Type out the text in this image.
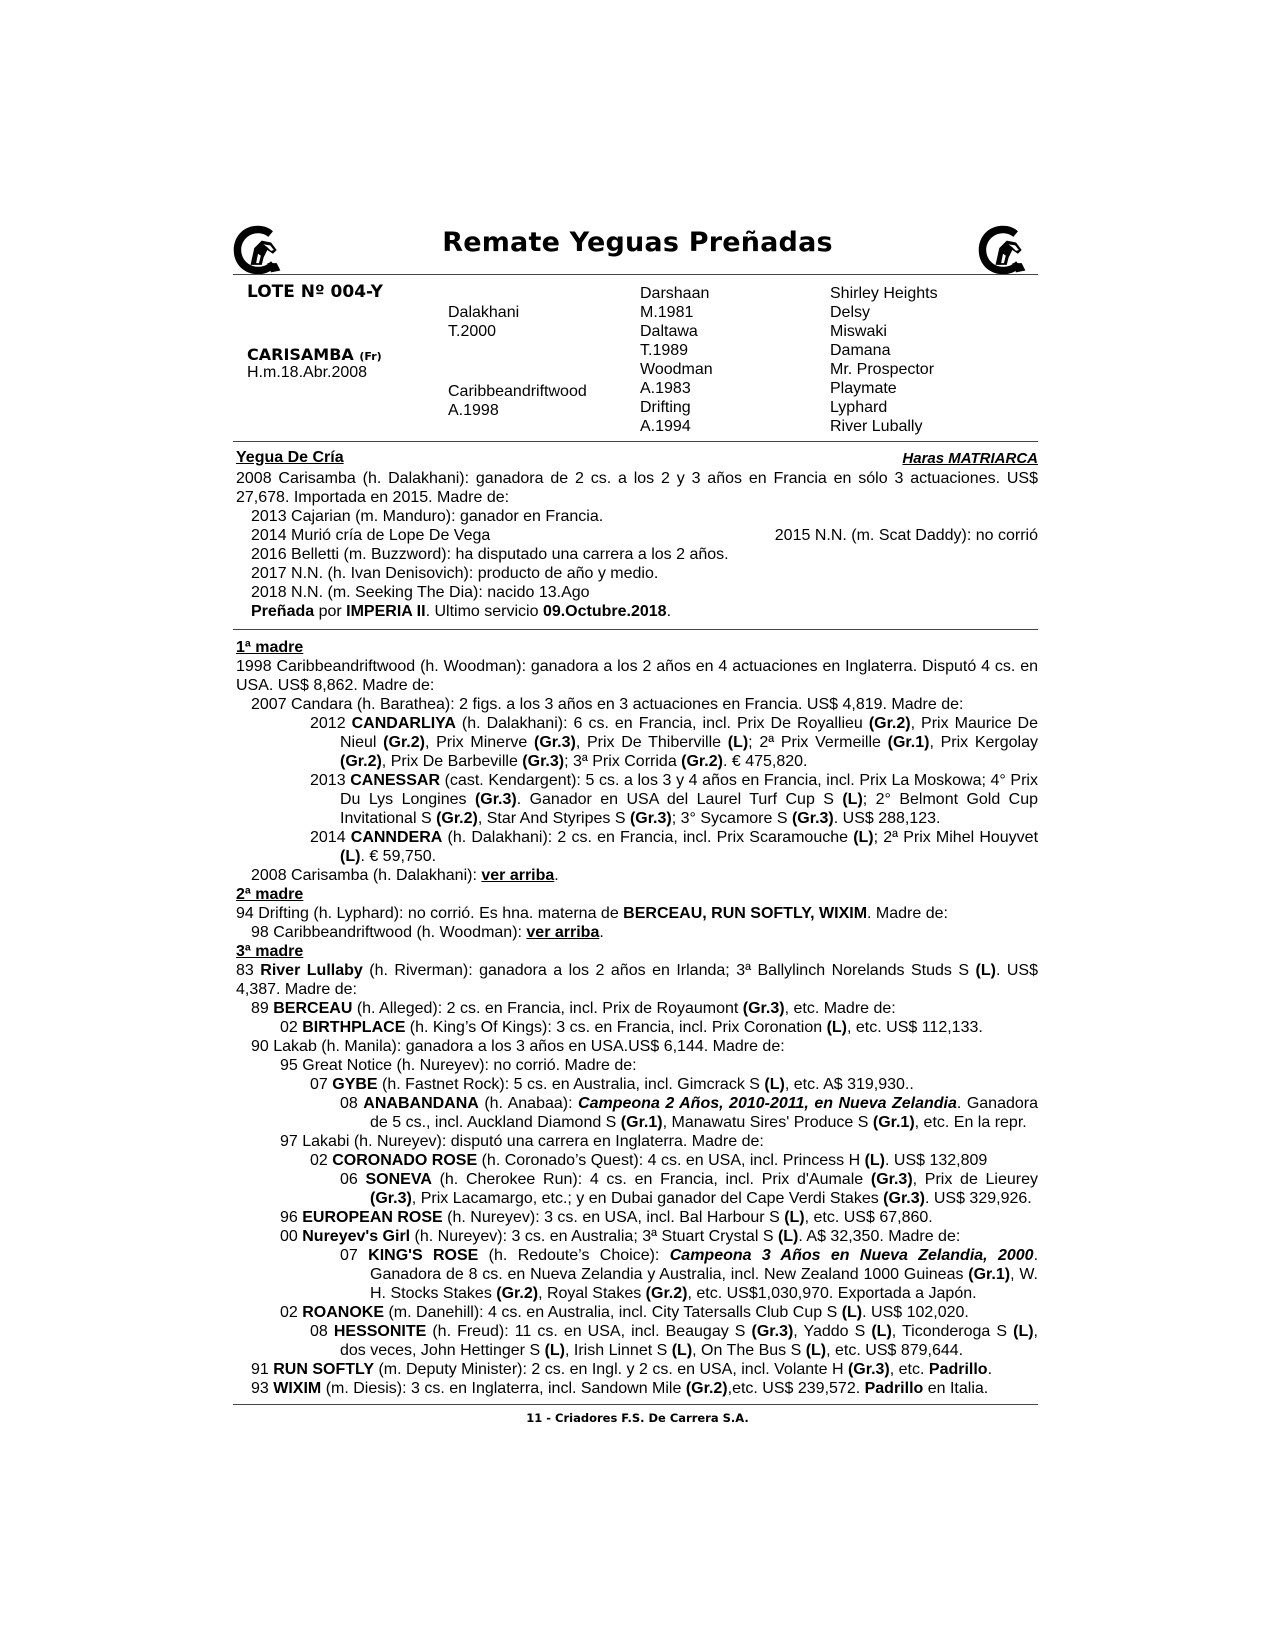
Remate Yeguas Preñadas
LOTE Nº 004-Y
CARISAMBA (Fr)
H.m.18.Abr.2008
Dalakhani
T.2000
Caribbeandriftwood
A.1998
Darshaan
M.1981
Daltawa
T.1989
Woodman
A.1983
Drifting
A.1994
Shirley Heights
Delsy
Miswaki
Damana
Mr. Prospector
Playmate
Lyphard
River Lubally
Yegua De Cría	Haras MATRIARCA

2008 Carisamba (h. Dalakhani): ganadora de 2 cs. a los 2 y 3 años en Francia en sólo 3 actuaciones. US$ 27,678. Importada en 2015. Madre de:

2013 Cajarian (m. Manduro): ganador en Francia.

2014 Murió cría de Lope De Vega	2015 N.N. (m. Scat Daddy): no corrió

2016 Belletti (m. Buzzword): ha disputado una carrera a los 2 años.

2017 N.N. (h. Ivan Denisovich): producto de año y medio.

2018 N.N. (m. Seeking The Dia): nacido 13.Ago

Preñada por IMPERIA II. Ultimo servicio 09.Octubre.2018.

1ª madre

1998 Caribbeandriftwood (h. Woodman): ganadora a los 2 años en 4 actuaciones en Inglaterra. Disputó 4 cs. en USA. US$ 8,862. Madre de:

2007 Candara (h. Barathea): 2 figs. a los 3 años en 3 actuaciones en Francia. US$ 4,819. Madre de:

2012 CANDARLIYA (h. Dalakhani): 6 cs. en Francia, incl. Prix De Royallieu (Gr.2), Prix Maurice De Nieul (Gr.2), Prix Minerve (Gr.3), Prix De Thiberville (L); 2ª Prix Vermeille (Gr.1), Prix Kergolay (Gr.2), Prix De Barbeville (Gr.3); 3ª Prix Corrida (Gr.2). € 475,820.

2013 CANESSAR (cast. Kendargent): 5 cs. a los 3 y 4 años en Francia, incl. Prix La Moskowa; 4° Prix Du Lys Longines (Gr.3). Ganador en USA del Laurel Turf Cup S (L); 2° Belmont Gold Cup Invitational S (Gr.2), Star And Styripes S (Gr.3); 3° Sycamore S (Gr.3). US$ 288,123.

2014 CANNDERA (h. Dalakhani): 2 cs. en Francia, incl. Prix Scaramouche (L); 2ª Prix Mihel Houyvet (L). € 59,750.

2008 Carisamba (h. Dalakhani): ver arriba.

2ª madre

94 Drifting (h. Lyphard): no corrió. Es hna. materna de BERCEAU, RUN SOFTLY, WIXIM. Madre de:

98 Caribbeandriftwood (h. Woodman): ver arriba.

3ª madre

83 River Lullaby (h. Riverman): ganadora a los 2 años en Irlanda; 3ª Ballylinch Norelands Studs S (L). US$ 4,387. Madre de:

89 BERCEAU (h. Alleged): 2 cs. en Francia, incl. Prix de Royaumont (Gr.3), etc. Madre de:

02 BIRTHPLACE (h. King’s Of Kings): 3 cs. en Francia, incl. Prix Coronation (L), etc. US$ 112,133.

90 Lakab (h. Manila): ganadora a los 3 años en USA.US$ 6,144. Madre de:

95 Great Notice (h. Nureyev): no corrió. Madre de:

07 GYBE (h. Fastnet Rock): 5 cs. en Australia, incl. Gimcrack S (L), etc. A$ 319,930..

08 ANABANDANA (h. Anabaa): Campeona 2 Años, 2010-2011, en Nueva Zelandia. Ganadora de 5 cs., incl. Auckland Diamond S (Gr.1), Manawatu Sires' Produce S (Gr.1), etc. En la repr.

97 Lakabi (h. Nureyev): disputó una carrera en Inglaterra. Madre de:

02 CORONADO ROSE (h. Coronado’s Quest): 4 cs. en USA, incl. Princess H (L). US$ 132,809

06 SONEVA (h. Cherokee Run): 4 cs. en Francia, incl. Prix d'Aumale (Gr.3), Prix de Lieurey (Gr.3), Prix Lacamargo, etc.; y en Dubai ganador del Cape Verdi Stakes (Gr.3). US$ 329,926.

96 EUROPEAN ROSE (h. Nureyev): 3 cs. en USA, incl. Bal Harbour S (L), etc. US$ 67,860.

00 Nureyev's Girl (h. Nureyev): 3 cs. en Australia; 3ª Stuart Crystal S (L). A$ 32,350. Madre de:

07 KING'S ROSE (h. Redoute’s Choice): Campeona 3 Años en Nueva Zelandia, 2000. Ganadora de 8 cs. en Nueva Zelandia y Australia, incl. New Zealand 1000 Guineas (Gr.1), W. H. Stocks Stakes (Gr.2), Royal Stakes (Gr.2), etc. US$1,030,970. Exportada a Japón.

02 ROANOKE (m. Danehill): 4 cs. en Australia, incl. City Tatersalls Club Cup S (L). US$ 102,020.

08 HESSONITE (h. Freud): 11 cs. en USA, incl. Beaugay S (Gr.3), Yaddo S (L), Ticonderoga S (L), dos veces, John Hettinger S (L), Irish Linnet S (L), On The Bus S (L), etc. US$ 879,644.

91 RUN SOFTLY (m. Deputy Minister): 2 cs. en Ingl. y 2 cs. en USA, incl. Volante H (Gr.3), etc. Padrillo.

93 WIXIM (m. Diesis): 3 cs. en Inglaterra, incl. Sandown Mile (Gr.2),etc. US$ 239,572. Padrillo en Italia.

11 - Criadores F.S. De Carrera S.A.
